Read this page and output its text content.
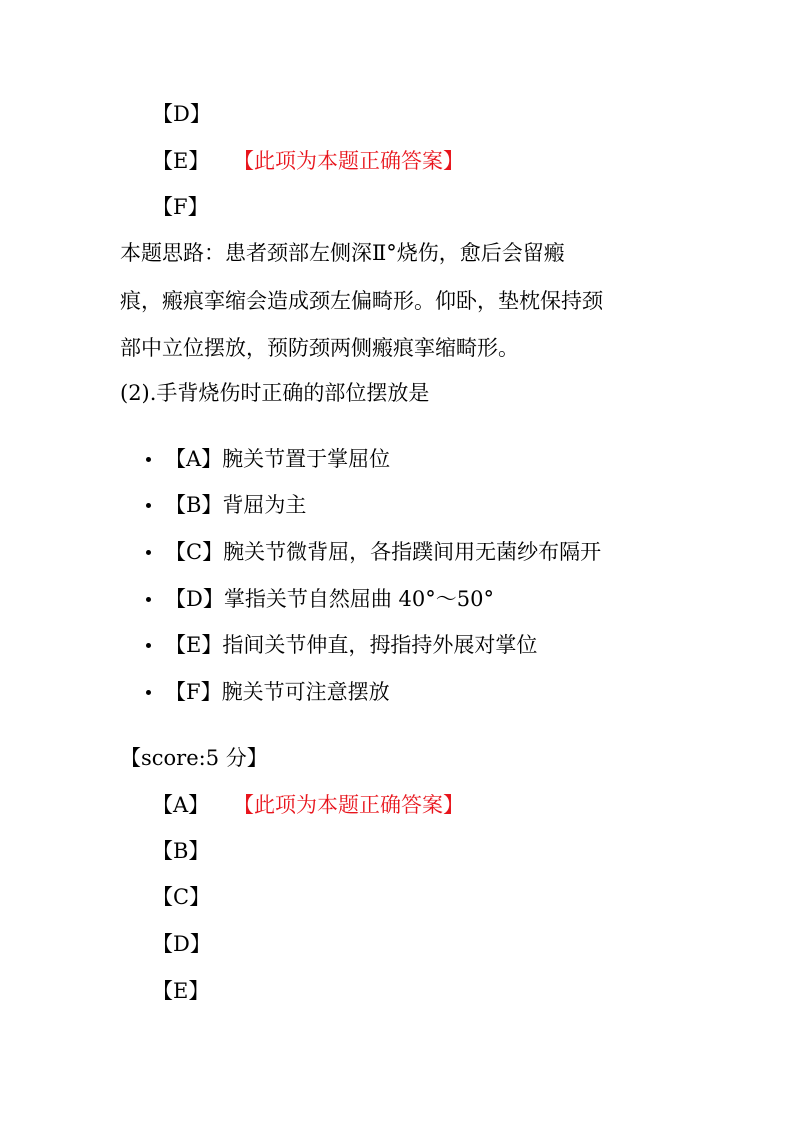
【D】
【E】 【此项为本题正确答案】
【F】
本题思路：患者颈部左侧深Ⅱ°烧伤，愈后会留瘢
痕，瘢痕挛缩会造成颈左偏畸形。仰卧，垫枕保持颈
部中立位摆放，预防颈两侧瘢痕挛缩畸形。
(2).手背烧伤时正确的部位摆放是
【A】腕关节置于掌屈位
【B】背屈为主
【C】腕关节微背屈，各指蹼间用无菌纱布隔开
【D】掌指关节自然屈曲 40°～50°
【E】指间关节伸直，拇指持外展对掌位
【F】腕关节可注意摆放
【score:5 分】
【A】 【此项为本题正确答案】
【B】
【C】
【D】
【E】
